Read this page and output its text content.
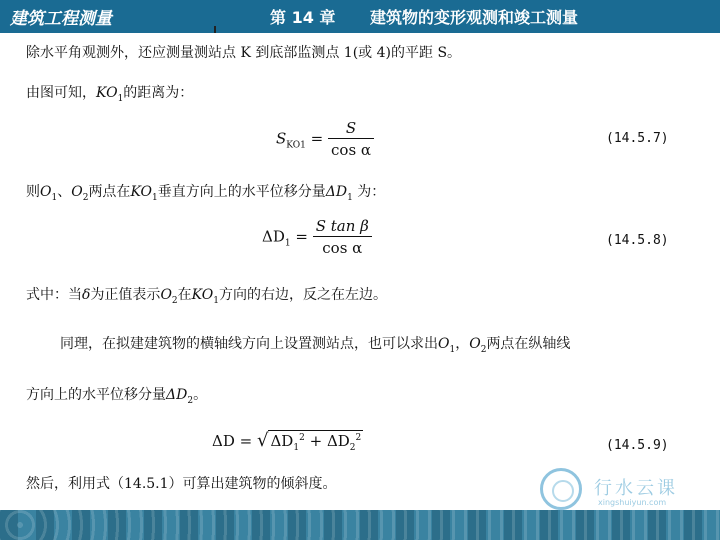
建筑工程测量	第 14 章 建筑物的变形观测和竣工测量
除水平角观测外，还应测量测站点 K 到底部监测点 1(或 4)的平距 S。
由图可知，$KO_1$的距离为：
$S_{KO1} = \frac{S}{\text{cos α}}$	(14.5.7)
则$O_1$、$O_2$两点在$KO_1$垂直方向上的水平位移分量$\Delta D_1$ 为：
$\Delta D_1 = \frac{\text{S tan β}}{\text{cos α}}$	(14.5.8)
式中：当δ为正值表示$O_2$在$KO_1$方向的右边，反之在左边。
同理，在拟建建筑物的横轴线方向上设置测站点，也可以求出$O_1$，$O_2$两点在纵轴线
方向上的水平位移分量$\Delta D_2$。
ΔD = √ $\Delta D_1^2 + \Delta D_2^2$	(14.5.9)
然后，利用式（14.5.1）可算出建筑物的倾斜度。	行水云课
xingshuiyun.com
